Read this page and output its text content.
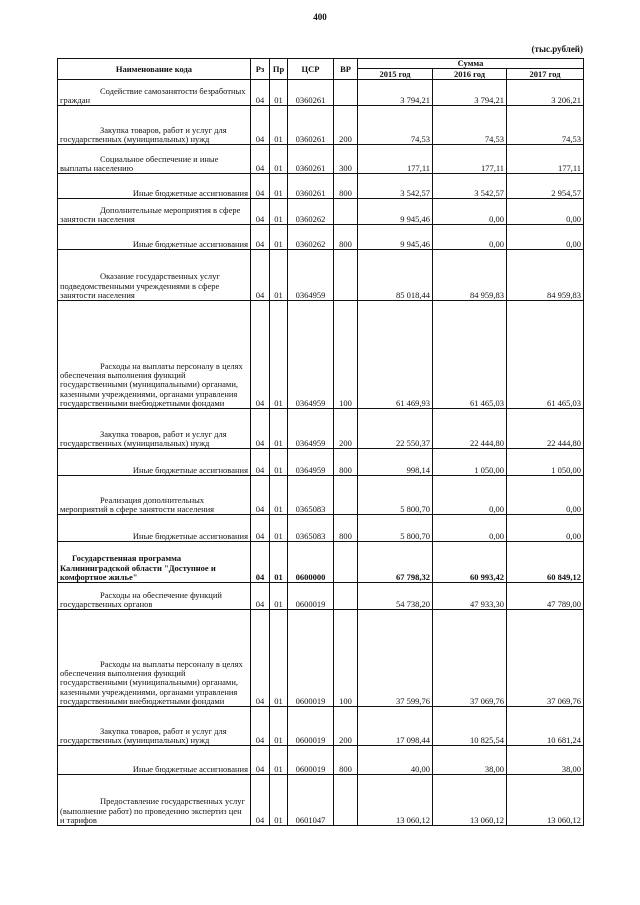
400
(тыс.рублей)
Наименование кода	Рз	Пр	ЦСР	ВР	Сумма		
					2015 год	2016 год	2017 год
Содействие самозанятости безработных граждан	04	01	0360261		3 794,21	3 794,21	3 206,21
Закупка товаров, работ и услуг для государственных (муниципальных) нужд	04	01	0360261	200	74,53	74,53	74,53
Социальное обеспечение и иные выплаты населению	04	01	0360261	300	177,11	177,11	177,11
Иные бюджетные ассигнования	04	01	0360261	800	3 542,57	3 542,57	2 954,57
Дополнительные мероприятия в сфере занятости населения	04	01	0360262		9 945,46	0,00	0,00
Иные бюджетные ассигнования	04	01	0360262	800	9 945,46	0,00	0,00
Оказание государственных услуг подведомственными учреждениями в сфере занятости населения	04	01	0364959		85 018,44	84 959,83	84 959,83
Расходы на выплаты персоналу в целях обеспечения выполнения функций государственными (муниципальными) органами, казенными учреждениями, органами управления государственными внебюджетными фондами	04	01	0364959	100	61 469,93	61 465,03	61 465,03
Закупка товаров, работ и услуг для государственных (муниципальных) нужд	04	01	0364959	200	22 550,37	22 444,80	22 444,80
Иные бюджетные ассигнования	04	01	0364959	800	998,14	1 050,00	1 050,00
Реализация дополнительных мероприятий в сфере занятости населения	04	01	0365083		5 800,70	0,00	0,00
Иные бюджетные ассигнования	04	01	0365083	800	5 800,70	0,00	0,00
Государственная программа Калининградской области "Доступное и комфортное жилье"	04	01	0600000		67 798,32	60 993,42	60 849,12
Расходы на обеспечение функций государственных органов	04	01	0600019		54 738,20	47 933,30	47 789,00
Расходы на выплаты персоналу в целях обеспечения выполнения функций государственными (муниципальными) органами, казенными учреждениями, органами управления государственными внебюджетными фондами	04	01	0600019	100	37 599,76	37 069,76	37 069,76
Закупка товаров, работ и услуг для государственных (муниципальных) нужд	04	01	0600019	200	17 098,44	10 825,54	10 681,24
Иные бюджетные ассигнования	04	01	0600019	800	40,00	38,00	38,00
Предоставление государственных услуг (выполнение работ) по проведению экспертиз цен и тарифов	04	01	0601047		13 060,12	13 060,12	13 060,12
